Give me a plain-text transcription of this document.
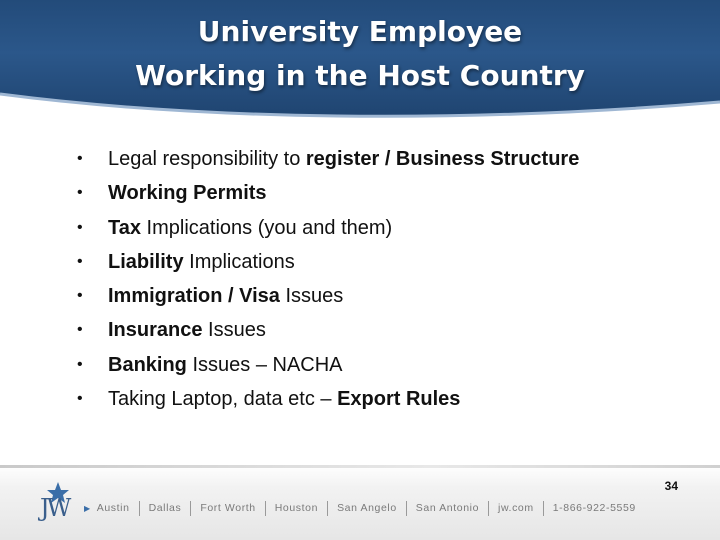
University Employee
Working in the Host Country
• Legal responsibility to register / Business Structure
• Working Permits
• Tax Implications (you and them)
• Liability Implications
• Immigration / Visa Issues
• Insurance Issues
• Banking Issues – NACHA
• Taking Laptop, data etc – Export Rules
34
JW ▶ Austin Dallas Fort Worth Houston San Angelo San Antonio jw.com 1-866-922-5559
